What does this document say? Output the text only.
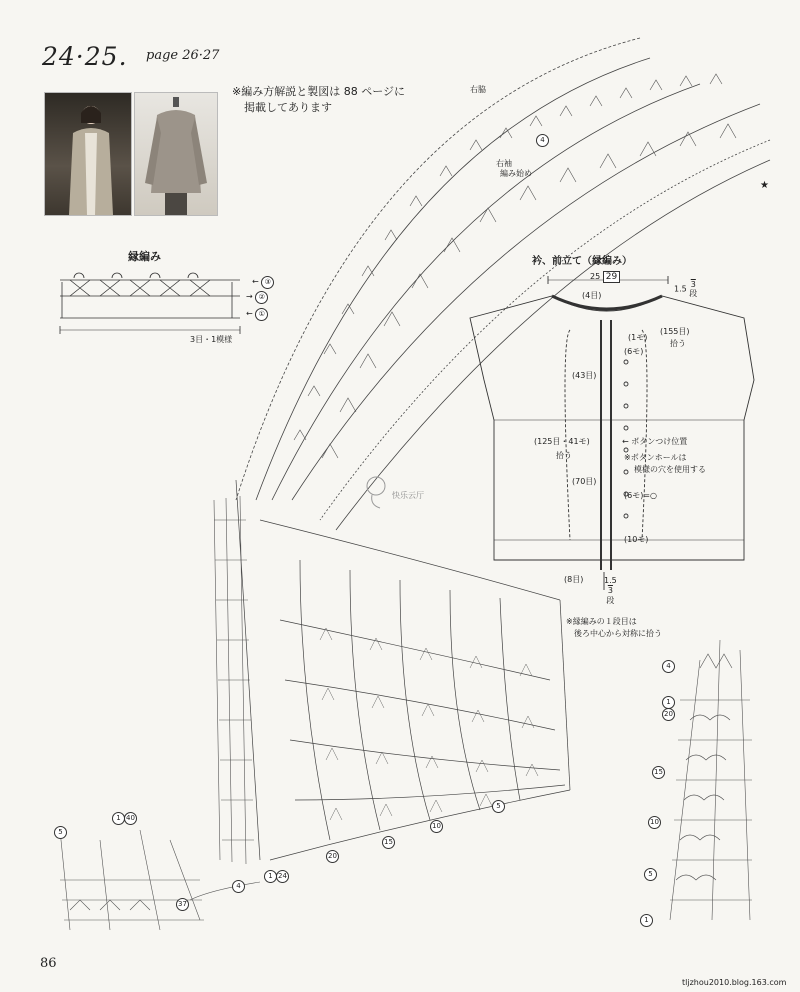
24·25. page 26·27
※編み方解説と製図は 88 ページに
掲載してあります
縁編み
★
← ③
→ ②
← ①
3目・1模様
右脇
右袖
編み始め
快乐云厅
衿、前立て（縁編み）
25 29
1.5 3
段
(4目)
(1モ)
(6モ)
(155目)
拾う
(43目)
(125目・41モ)
拾う
← ボタンつけ位置
※ボタンホールは
模様の穴を使用する
(70目)
(6モ)=○
(10モ)
(8目)	1.5
3
段
※縁編みの１段目は
後ろ中心から対称に拾う
4
1 40
5
37
4
1 24
20
15
10
5
4
1
20
15
10
5
1
86
tljzhou2010.blog.163.com
